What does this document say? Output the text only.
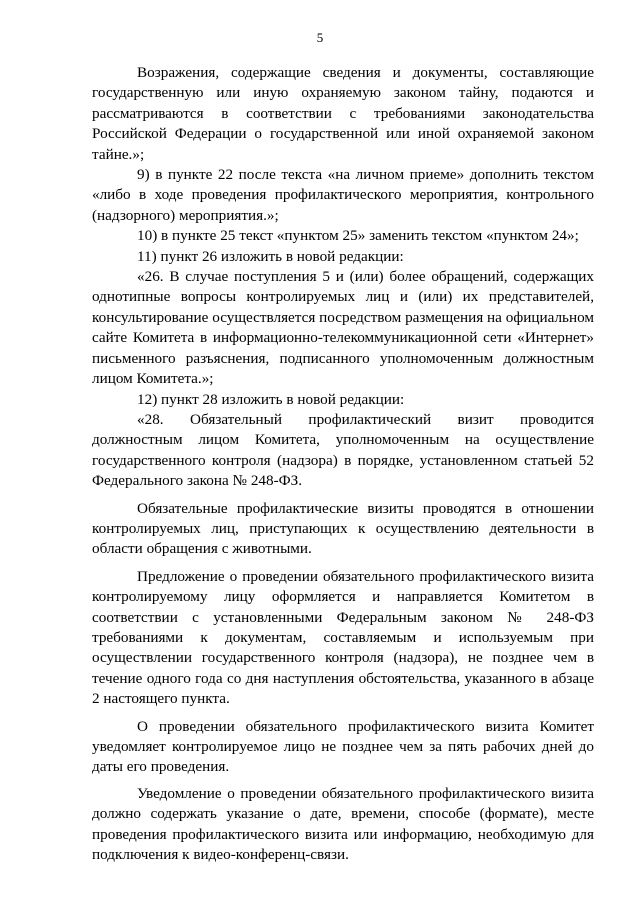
5

Возражения, содержащие сведения и документы, составляющие государственную или иную охраняемую законом тайну, подаются и рассматриваются в соответствии с требованиями законодательства Российской Федерации о государственной или иной охраняемой законом тайне.»;

9) в пункте 22 после текста «на личном приеме» дополнить текстом «либо в ходе проведения профилактического мероприятия, контрольного (надзорного) мероприятия.»;

10) в пункте 25 текст «пунктом 25» заменить текстом «пунктом 24»;

11) пункт 26 изложить в новой редакции:

«26. В случае поступления 5 и (или) более обращений, содержащих однотипные вопросы контролируемых лиц и (или) их представителей, консультирование осуществляется посредством размещения на официальном сайте Комитета в информационно-телекоммуникационной сети «Интернет» письменного разъяснения, подписанного уполномоченным должностным лицом Комитета.»;

12) пункт 28 изложить в новой редакции:

«28. Обязательный профилактический визит проводится должностным лицом Комитета, уполномоченным на осуществление государственного контроля (надзора) в порядке, установленном статьей 52 Федерального закона № 248-ФЗ.

Обязательные профилактические визиты проводятся в отношении контролируемых лиц, приступающих к осуществлению деятельности в области обращения с животными.

Предложение о проведении обязательного профилактического визита контролируемому лицу оформляется и направляется Комитетом в соответствии с установленными Федеральным законом № 248-ФЗ требованиями к документам, составляемым и используемым при осуществлении государственного контроля (надзора), не позднее чем в течение одного года со дня наступления обстоятельства, указанного в абзаце 2 настоящего пункта.

О проведении обязательного профилактического визита Комитет уведомляет контролируемое лицо не позднее чем за пять рабочих дней до даты его проведения.

Уведомление о проведении обязательного профилактического визита должно содержать указание о дате, времени, способе (формате), месте проведения профилактического визита или информацию, необходимую для подключения к видео-конференц-связи.
